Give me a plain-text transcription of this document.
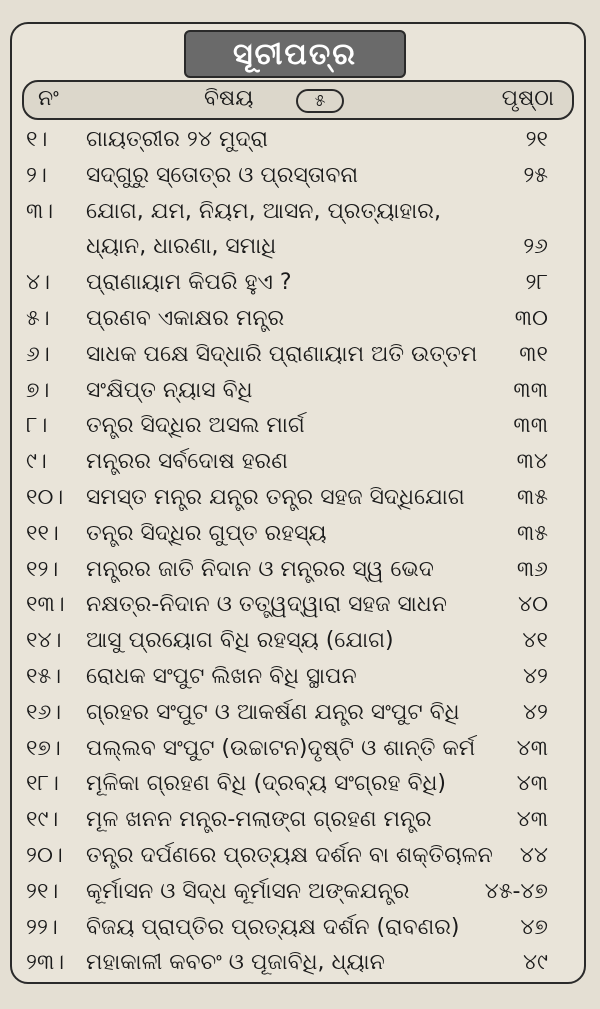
ସୂଚୀପତ୍ର
ନଂ	ବିଷୟ	୫	ପୃଷ୍ଠା
୧। ଗାୟତ୍ରୀର ୨୪ ମୁଦ୍ରା	୨୧
୨। ସଦ୍‌ଗୁରୁ ସ୍ତୋତ୍ର ଓ ପ୍ରସ୍ତାବନା	୨୫
୩। ଯୋଗ, ଯମ, ନିୟମ, ଆସନ, ପ୍ରତ୍ୟାହାର,
ଧ୍ୟାନ, ଧାରଣା, ସମାଧି	୨୬
୪। ପ୍ରାଣାୟାମ କିପରି ହୁଏ ?	୨୮
୫। ପ୍ରଣବ ଏକାକ୍ଷର ମନ୍ତ୍ର	୩୦
୬। ସାଧକ ପକ୍ଷେ ସିଦ୍ଧାରି ପ୍ରାଣାୟାମ ଅତି ଉତ୍ତମ ୩୧
୭। ସଂକ୍ଷିପ୍ତ ନ୍ୟାସ ବିଧି	୩୩
୮। ତନ୍ତ୍ର ସିଦ୍ଧିର ଅସଲ ମାର୍ଗ	୩୩
୯। ମନ୍ତ୍ରର ସର୍ବଦୋଷ ହରଣ	୩୪
୧୦। ସମସ୍ତ ମନ୍ତ୍ର ଯନ୍ତ୍ର ତନ୍ତ୍ର ସହଜ ସିଦ୍ଧିଯୋଗ ୩୫
୧୧। ତନ୍ତ୍ର ସିଦ୍ଧିର ଗୁପ୍ତ ରହସ୍ୟ	୩୫
୧୨। ମନ୍ତ୍ରର ଜାତି ନିଦାନ ଓ ମନ୍ତ୍ରର ସ୍ୱ ଭେଦ	୩୬
୧୩। ନକ୍ଷତ୍ର-ନିଦାନ ଓ ତତ୍ତ୍ୱଦ୍ୱାରା ସହଜ ସାଧନ	୪୦
୧୪। ଆସୁ ପ୍ରୟୋଗ ବିଧି ରହସ୍ୟ (ଯୋଗ)	୪୧
୧୫। ରୋଧକ ସଂପୁଟ ଲିଖନ ବିଧି ସ୍ଥାପନ	୪୨
୧୬। ଗ୍ରହର ସଂପୁଟ ଓ ଆକର୍ଷଣ ଯନ୍ତ୍ର ସଂପୁଟ ବିଧି	୪୨
୧୭। ପଲ୍ଲବ ସଂପୁଟ (ଉଚ୍ଚାଟନ)ଦୃଷ୍ଟି ଓ ଶାନ୍ତି କର୍ମ ୪୩
୧୮। ମୂଳିକା ଗ୍ରହଣ ବିଧି (ଦ୍ରବ୍ୟ ସଂଗ୍ରହ ବିଧି)	୪୩
୧୯। ମୂଳ ଖନନ ମନ୍ତ୍ର-ମଲାଙ୍ଗ ଗ୍ରହଣ ମନ୍ତ୍ର	୪୩
୨୦। ତନ୍ତ୍ର ଦର୍ପଣରେ ପ୍ରତ୍ୟକ୍ଷ ଦର୍ଶନ ବା ଶକ୍ତିଚାଳନ ୪୪
୨୧। କୂର୍ମାସନ ଓ ସିଦ୍ଧ କୂର୍ମାସନ ଅଙ୍କଯନ୍ତ୍ର	୪୫-୪୭
୨୨। ବିଜୟ ପ୍ରାପ୍ତିର ପ୍ରତ୍ୟକ୍ଷ ଦର୍ଶନ (ରାବଣର)	୪୭
୨୩। ମହାକାଳୀ କବଚଂ ଓ ପୂଜାବିଧି, ଧ୍ୟାନ	୪୯
